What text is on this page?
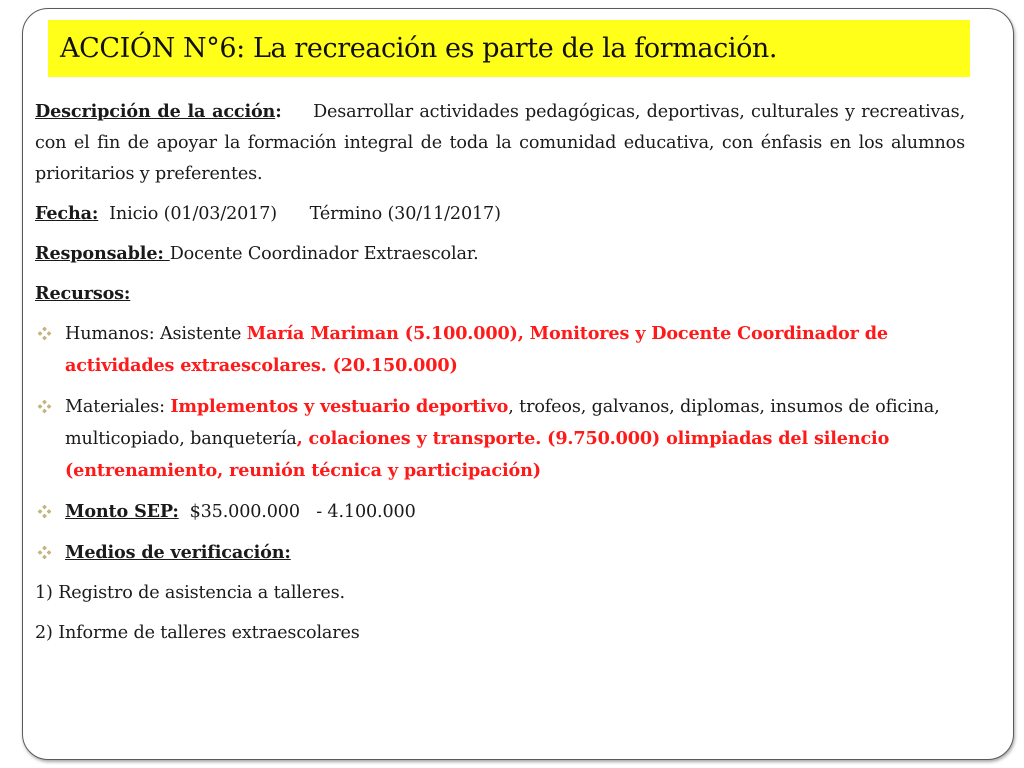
ACCIÓN N°6: La recreación es parte de la formación.

Descripción de la acción: Desarrollar actividades pedagógicas, deportivas, culturales y recreativas, con el fin de apoyar la formación integral de toda la comunidad educativa, con énfasis en los alumnos prioritarios y preferentes.

Fecha: Inicio (01/03/2017) Término (30/11/2017)

Responsable: Docente Coordinador Extraescolar.

Recursos:

Humanos: Asistente María Mariman (5.100.000), Monitores y Docente Coordinador de actividades extraescolares. (20.150.000)
Materiales: Implementos y vestuario deportivo, trofeos, galvanos, diplomas, insumos de oficina, multicopiado, banquetería, colaciones y transporte. (9.750.000) olimpiadas del silencio (entrenamiento, reunión técnica y participación)
Monto SEP: $35.000.000   - 4.100.000
Medios de verificación:

1) Registro de asistencia a talleres.

2) Informe de talleres extraescolares
